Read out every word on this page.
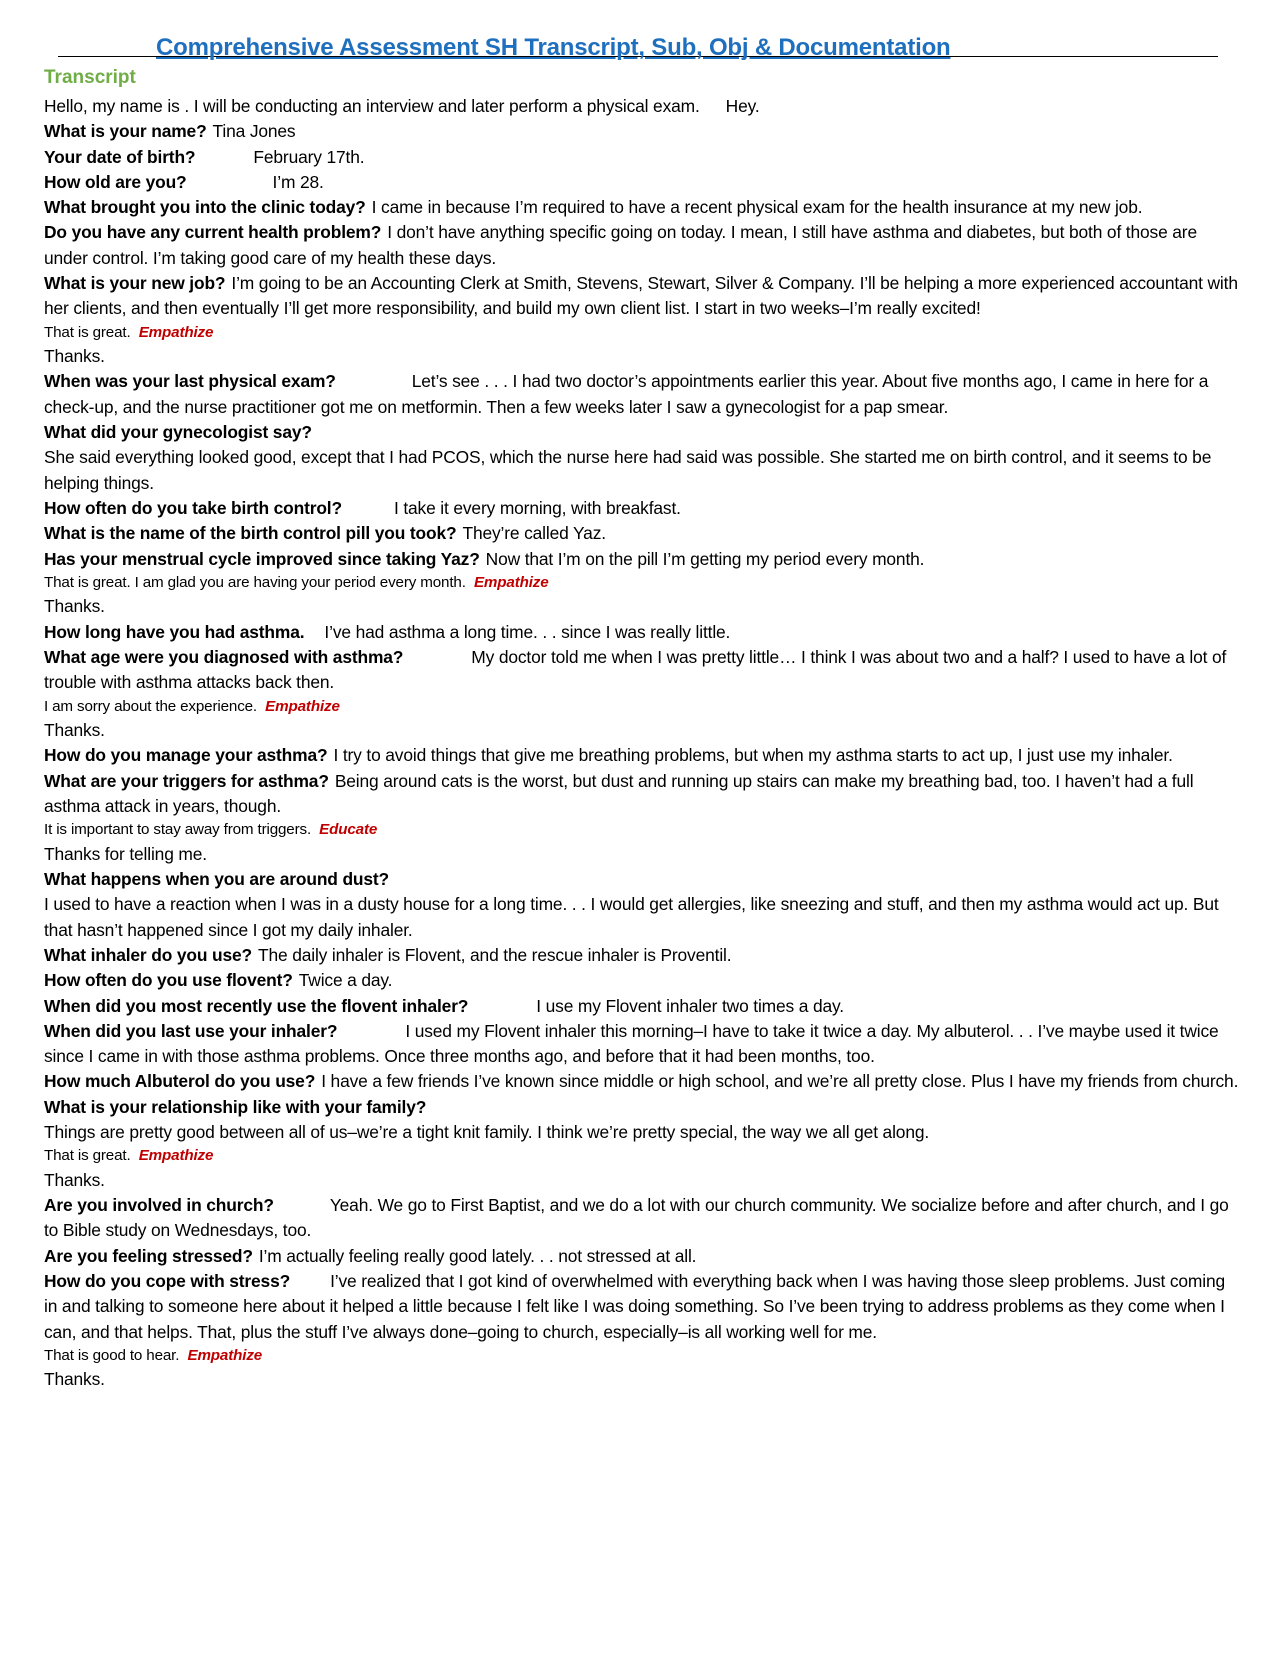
Comprehensive Assessment SH Transcript, Sub, Obj & Documentation
Transcript
Hello, my name is . I will be conducting an interview and later perform a physical exam. Hey.
What is your name? Tina Jones
Your date of birth?	February 17th.
How old are you?	I’m 28.
What brought you into the clinic today? I came in because I’m required to have a recent physical exam for the health insurance at my new job.
Do you have any current health problem? I don’t have anything specific going on today. I mean, I still have asthma and diabetes, but both of those are under control. I’m taking good care of my health these days.
What is your new job? I’m going to be an Accounting Clerk at Smith, Stevens, Stewart, Silver & Company. I’ll be helping a more experienced accountant with her clients, and then eventually I’ll get more responsibility, and build my own client list. I start in two weeks–I’m really excited!
That is great. Empathize
Thanks.
When was your last physical exam?	Let’s see . . . I had two doctor’s appointments earlier this year. About five months ago, I came in here for a check-up, and the nurse practitioner got me on metformin. Then a few weeks later I saw a gynecologist for a pap smear.
What did your gynecologist say?
She said everything looked good, except that I had PCOS, which the nurse here had said was possible. She started me on birth control, and it seems to be helping things.
How often do you take birth control?	I take it every morning, with breakfast.
What is the name of the birth control pill you took? They’re called Yaz.
Has your menstrual cycle improved since taking Yaz? Now that I’m on the pill I’m getting my period every month.
That is great. I am glad you are having your period every month. Empathize
Thanks.
How long have you had asthma. I’ve had asthma a long time. . . since I was really little.
What age were you diagnosed with asthma?	My doctor told me when I was pretty little… I think I was about two and a half? I used to have a lot of trouble with asthma attacks back then.
I am sorry about the experience. Empathize
Thanks.
How do you manage your asthma? I try to avoid things that give me breathing problems, but when my asthma starts to act up, I just use my inhaler.
What are your triggers for asthma? Being around cats is the worst, but dust and running up stairs can make my breathing bad, too. I haven’t had a full asthma attack in years, though.
It is important to stay away from triggers. Educate
Thanks for telling me.
What happens when you are around dust?
I used to have a reaction when I was in a dusty house for a long time. . . I would get allergies, like sneezing and stuff, and then my asthma would act up. But that hasn’t happened since I got my daily inhaler.
What inhaler do you use? The daily inhaler is Flovent, and the rescue inhaler is Proventil.
How often do you use flovent? Twice a day.
When did you most recently use the flovent inhaler?	I use my Flovent inhaler two times a day.
When did you last use your inhaler?	I used my Flovent inhaler this morning–I have to take it twice a day. My albuterol. . . I’ve maybe used it twice since I came in with those asthma problems. Once three months ago, and before that it had been months, too.
How much Albuterol do you use? I have a few friends I’ve known since middle or high school, and we’re all pretty close. Plus I have my friends from church.
What is your relationship like with your family?
Things are pretty good between all of us–we’re a tight knit family. I think we’re pretty special, the way we all get along.
That is great. Empathize
Thanks.
Are you involved in church?	Yeah. We go to First Baptist, and we do a lot with our church community. We socialize before and after church, and I go to Bible study on Wednesdays, too.
Are you feeling stressed? I’m actually feeling really good lately. . . not stressed at all.
How do you cope with stress? I’ve realized that I got kind of overwhelmed with everything back when I was having those sleep problems. Just coming in and talking to someone here about it helped a little because I felt like I was doing something. So I’ve been trying to address problems as they come when I can, and that helps. That, plus the stuff I’ve always done–going to church, especially–is all working well for me.
That is good to hear. Empathize
Thanks.
